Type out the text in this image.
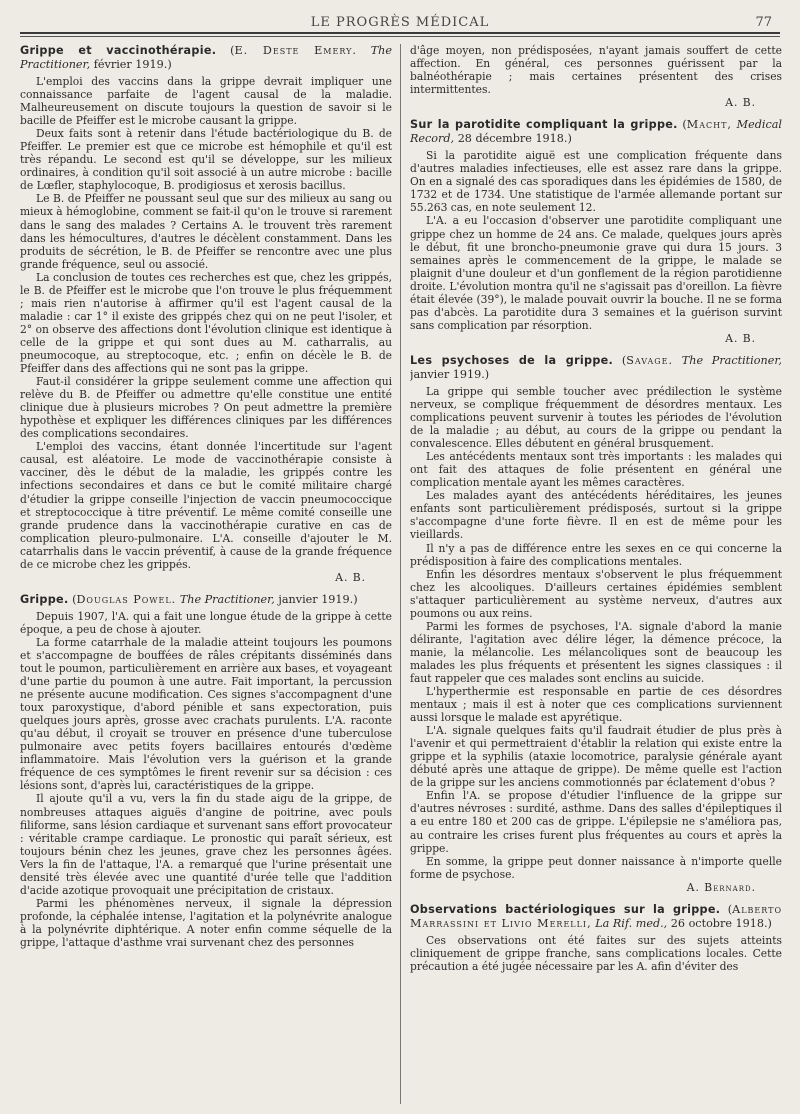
LE PROGRÈS MÉDICAL	77

Grippe et vaccinothérapie. (E. Deste Emery. The Practitioner, février 1919.)

L'emploi des vaccins dans la grippe devrait impliquer une connaissance parfaite de l'agent causal de la maladie. Malheureusement on discute toujours la question de savoir si le bacille de Pfeiffer est le microbe causant la grippe.

Deux faits sont à retenir dans l'étude bactériologique du B. de Pfeiffer. Le premier est que ce microbe est hémophile et qu'il est très répandu. Le second est qu'il se développe, sur les milieux ordinaires, à condition qu'il soit associé à un autre microbe : bacille de Lœfler, staphylocoque, B. prodigiosus et xerosis bacillus.

Le B. de Pfeiffer ne poussant seul que sur des milieux au sang ou mieux à hémoglobine, comment se fait-il qu'on le trouve si rarement dans le sang des malades ? Certains A. le trouvent très rarement dans les hémocultures, d'autres le décèlent constamment. Dans les produits de sécrétion, le B. de Pfeiffer se rencontre avec une plus grande fréquence, seul ou associé.

La conclusion de toutes ces recherches est que, chez les grippés, le B. de Pfeiffer est le microbe que l'on trouve le plus fréquemment ; mais rien n'autorise à affirmer qu'il est l'agent causal de la maladie : car 1° il existe des grippés chez qui on ne peut l'isoler, et 2° on observe des affections dont l'évolution clinique est identique à celle de la grippe et qui sont dues au M. catharralis, au pneumocoque, au streptocoque, etc. ; enfin on décèle le B. de Pfeiffer dans des affections qui ne sont pas la grippe.

Faut-il considérer la grippe seulement comme une affection qui relève du B. de Pfeiffer ou admettre qu'elle constitue une entité clinique due à plusieurs microbes ? On peut admettre la première hypothèse et expliquer les différences cliniques par les différences des complications secondaires.

L'emploi des vaccins, étant donnée l'incertitude sur l'agent causal, est aléatoire. Le mode de vaccinothérapie consiste à vacciner, dès le début de la maladie, les grippés contre les infections secondaires et dans ce but le comité militaire chargé d'étudier la grippe conseille l'injection de vaccin pneumococcique et streptococcique à titre préventif. Le même comité conseille une grande prudence dans la vaccinothérapie curative en cas de complication pleuro-pulmonaire. L'A. conseille d'ajouter le M. catarrhalis dans le vaccin préventif, à cause de la grande fréquence de ce microbe chez les grippés.

A. B.

Grippe. (Douglas Powel. The Practitioner, janvier 1919.)

Depuis 1907, l'A. qui a fait une longue étude de la grippe à cette époque, a peu de chose à ajouter.

La forme catarrhale de la maladie atteint toujours les poumons et s'accompagne de bouffées de râles crépitants disséminés dans tout le poumon, particulièrement en arrière aux bases, et voyageant d'une partie du poumon à une autre. Fait important, la percussion ne présente aucune modification. Ces signes s'accompagnent d'une toux paroxystique, d'abord pénible et sans expectoration, puis quelques jours après, grosse avec crachats purulents. L'A. raconte qu'au début, il croyait se trouver en présence d'une tuberculose pulmonaire avec petits foyers bacillaires entourés d'œdème inflammatoire. Mais l'évolution vers la guérison et la grande fréquence de ces symptômes le firent revenir sur sa décision : ces lésions sont, d'après lui, caractéristiques de la grippe.

Il ajoute qu'il a vu, vers la fin du stade aigu de la grippe, de nombreuses attaques aiguës d'angine de poitrine, avec pouls filiforme, sans lésion cardiaque et survenant sans effort provocateur : véritable crampe cardiaque. Le pronostic qui paraît sérieux, est toujours bénin chez les jeunes, grave chez les personnes âgées. Vers la fin de l'attaque, l'A. a remarqué que l'urine présentait une densité très élevée avec une quantité d'urée telle que l'addition d'acide azotique provoquait une précipitation de cristaux.

Parmi les phénomènes nerveux, il signale la dépression profonde, la céphalée intense, l'agitation et la polynévrite analogue à la polynévrite diphtérique. A noter enfin comme séquelle de la grippe, l'attaque d'asthme vrai survenant chez des personnes

d'âge moyen, non prédisposées, n'ayant jamais souffert de cette affection. En général, ces personnes guérissent par la balnéothérapie ; mais certaines présentent des crises intermittentes.

A. B.

Sur la parotidite compliquant la grippe. (Macht, Medical Record, 28 décembre 1918.)

Si la parotidite aiguë est une complication fréquente dans d'autres maladies infectieuses, elle est assez rare dans la grippe. On en a signalé des cas sporadiques dans les épidémies de 1580, de 1732 et de 1734. Une statistique de l'armée allemande portant sur 55.263 cas, en note seulement 12.

L'A. a eu l'occasion d'observer une parotidite compliquant une grippe chez un homme de 24 ans. Ce malade, quelques jours après le début, fit une broncho-pneumonie grave qui dura 15 jours. 3 semaines après le commencement de la grippe, le malade se plaignit d'une douleur et d'un gonflement de la région parotidienne droite. L'évolution montra qu'il ne s'agissait pas d'oreillon. La fièvre était élevée (39°), le malade pouvait ouvrir la bouche. Il ne se forma pas d'abcès. La parotidite dura 3 semaines et la guérison survint sans complication par résorption.

A. B.

Les psychoses de la grippe. (Savage. The Practitioner, janvier 1919.)

La grippe qui semble toucher avec prédilection le système nerveux, se complique fréquemment de désordres mentaux. Les complications peuvent survenir à toutes les périodes de l'évolution de la maladie ; au début, au cours de la grippe ou pendant la convalescence. Elles débutent en général brusquement.

Les antécédents mentaux sont très importants : les malades qui ont fait des attaques de folie présentent en général une complication mentale ayant les mêmes caractères.

Les malades ayant des antécédents héréditaires, les jeunes enfants sont particulièrement prédisposés, surtout si la grippe s'accompagne d'une forte fièvre. Il en est de même pour les vieillards.

Il n'y a pas de différence entre les sexes en ce qui concerne la prédisposition à faire des complications mentales.

Enfin les désordres mentaux s'observent le plus fréquemment chez les alcooliques. D'ailleurs certaines épidémies semblent s'attaquer particulièrement au système nerveux, d'autres aux poumons ou aux reins.

Parmi les formes de psychoses, l'A. signale d'abord la manie délirante, l'agitation avec délire léger, la démence précoce, la manie, la mélancolie. Les mélancoliques sont de beaucoup les malades les plus fréquents et présentent les signes classiques : il faut rappeler que ces malades sont enclins au suicide.

L'hyperthermie est responsable en partie de ces désordres mentaux ; mais il est à noter que ces complications surviennent aussi lorsque le malade est apyrétique.

L'A. signale quelques faits qu'il faudrait étudier de plus près à l'avenir et qui permettraient d'établir la relation qui existe entre la grippe et la syphilis (ataxie locomotrice, paralysie générale ayant débuté après une attaque de grippe). De même quelle est l'action de la grippe sur les anciens commotionnés par éclatement d'obus ?

Enfin l'A. se propose d'étudier l'influence de la grippe sur d'autres névroses : surdité, asthme. Dans des salles d'épileptiques il a eu entre 180 et 200 cas de grippe. L'épilepsie ne s'améliora pas, au contraire les crises furent plus fréquentes au cours et après la grippe.

En somme, la grippe peut donner naissance à n'importe quelle forme de psychose.

A. Bernard.

Observations bactériologiques sur la grippe. (Alberto Marrassini et Livio Merelli, La Rif. med., 26 octobre 1918.)

Ces observations ont été faites sur des sujets atteints cliniquement de grippe franche, sans complications locales. Cette précaution a été jugée nécessaire par les A. afin d'éviter des
